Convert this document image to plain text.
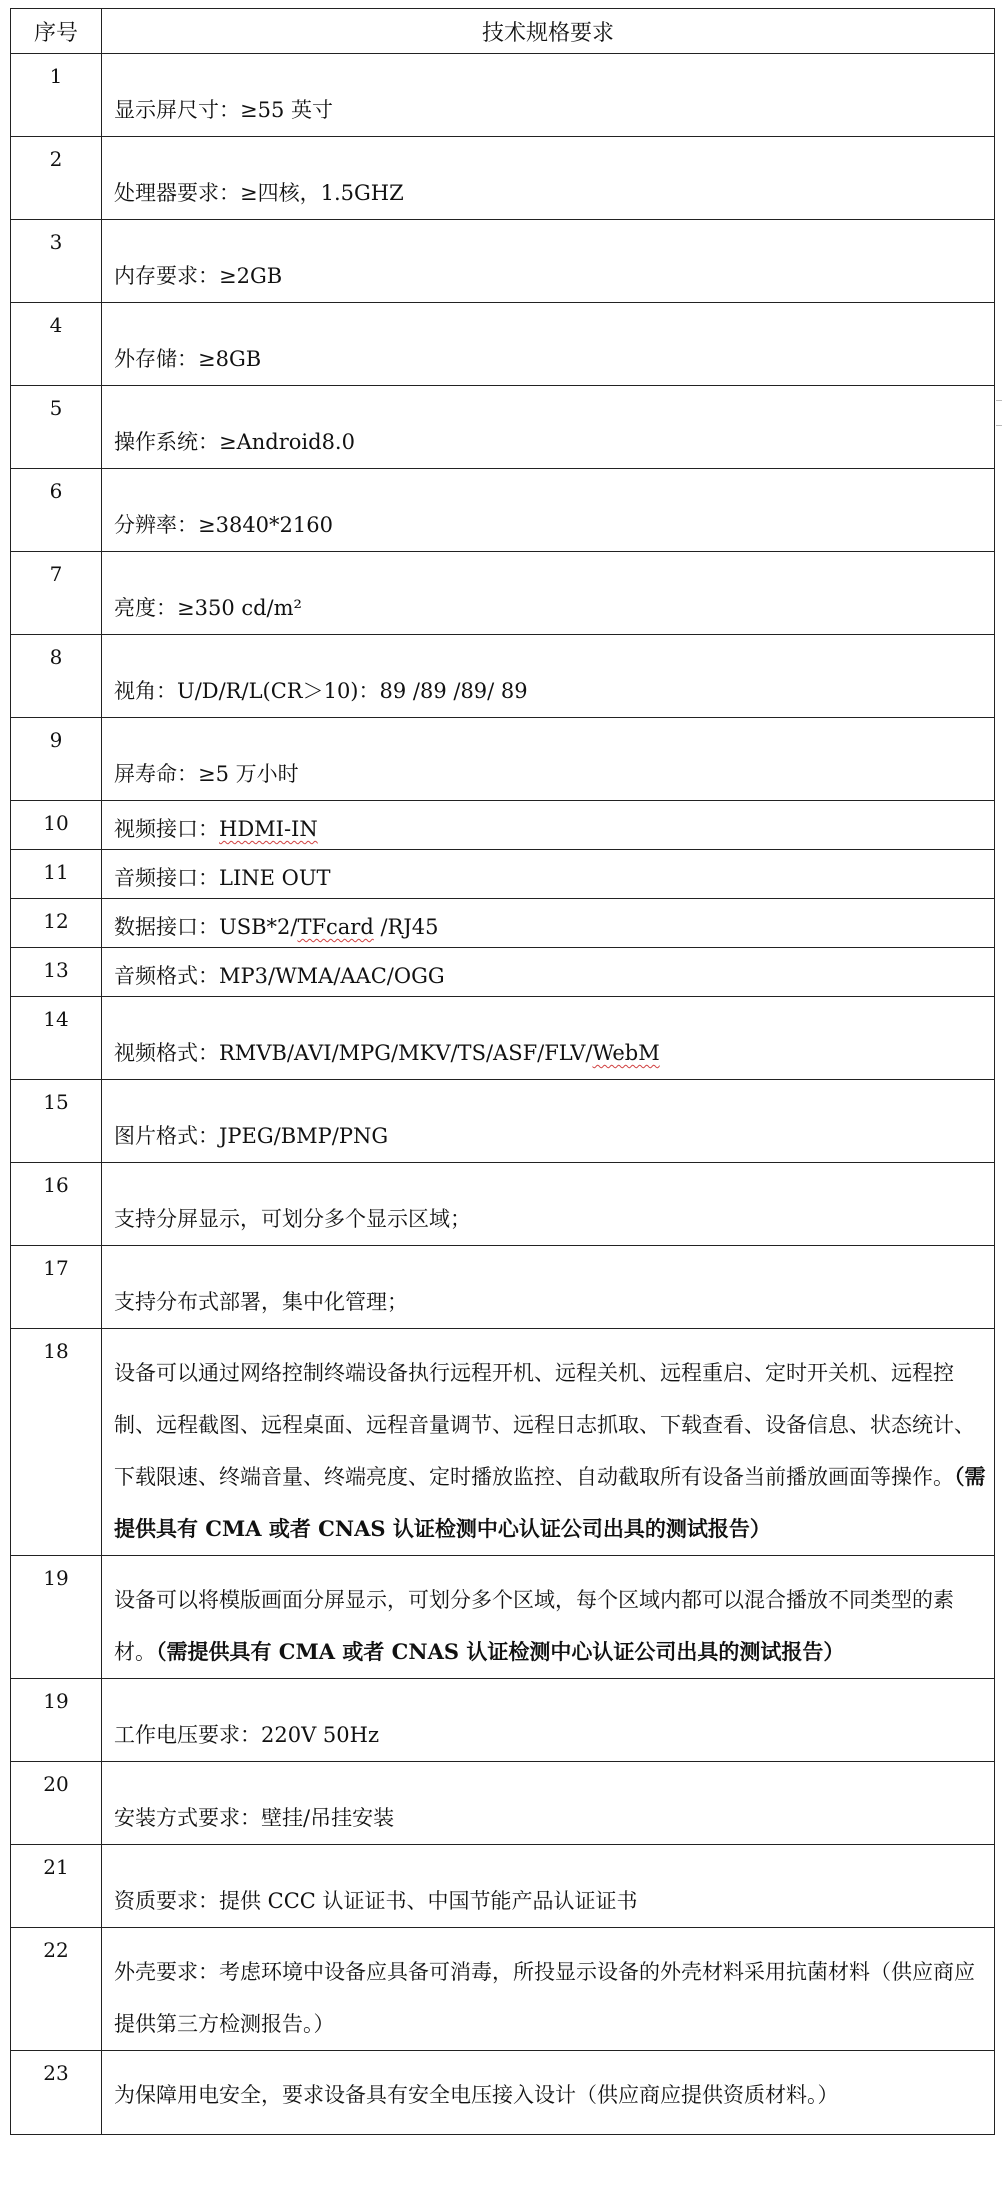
序号	技术规格要求
1	显示屏尺寸：≥55 英寸
2	处理器要求：≥四核，1.5GHZ
3	内存要求：≥2GB
4	外存储：≥8GB
5	操作系统：≥Android8.0
6	分辨率：≥3840*2160
7	亮度：≥350 cd/m²
8	视角：U/D/R/L(CR＞10)：89 /89 /89/ 89
9	屏寿命：≥5 万小时
10	视频接口：HDMI-IN
11	音频接口：LINE OUT
12	数据接口：USB*2/TFcard /RJ45
13	音频格式：MP3/WMA/AAC/OGG
14	视频格式：RMVB/AVI/MPG/MKV/TS/ASF/FLV/WebM
15	图片格式：JPEG/BMP/PNG
16	支持分屏显示，可划分多个显示区域；
17	支持分布式部署，集中化管理；
18	设备可以通过网络控制终端设备执行远程开机、远程关机、远程重启、定时开关机、远程控制、远程截图、远程桌面、远程音量调节、远程日志抓取、下载查看、设备信息、状态统计、下载限速、终端音量、终端亮度、定时播放监控、自动截取所有设备当前播放画面等操作。（需提供具有 CMA 或者 CNAS 认证检测中心认证公司出具的测试报告）
19	设备可以将模版画面分屏显示，可划分多个区域，每个区域内都可以混合播放不同类型的素材。（需提供具有 CMA 或者 CNAS 认证检测中心认证公司出具的测试报告）
19	工作电压要求：220V 50Hz
20	安装方式要求：壁挂/吊挂安装
21	资质要求：提供 CCC 认证证书、中国节能产品认证证书
22	外壳要求：考虑环境中设备应具备可消毒，所投显示设备的外壳材料采用抗菌材料（供应商应提供第三方检测报告。）
23	为保障用电安全，要求设备具有安全电压接入设计（供应商应提供资质材料。）
